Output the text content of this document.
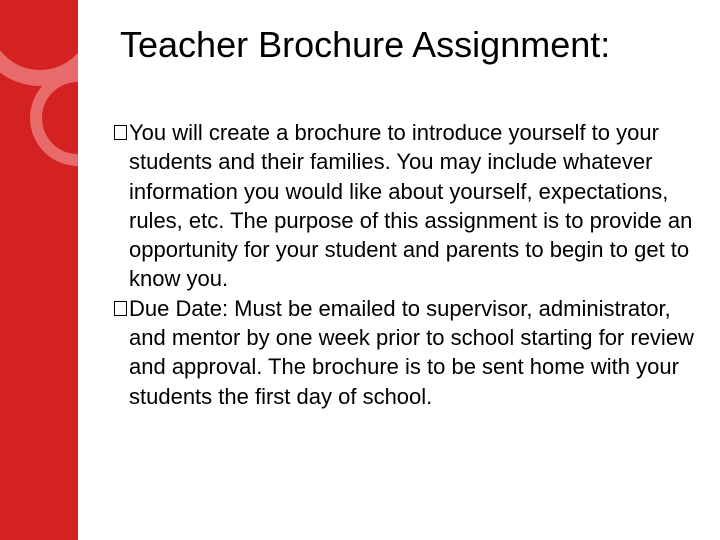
Teacher Brochure Assignment:
You will create a brochure to introduce yourself to your students and their families. You may include whatever information you would like about yourself, expectations, rules, etc. The purpose of this assignment is to provide an opportunity for your student and parents to begin to get to know you.
Due Date: Must be emailed to supervisor, administrator, and mentor by one week prior to school starting for review and approval. The brochure is to be sent home with your students the first day of school.
